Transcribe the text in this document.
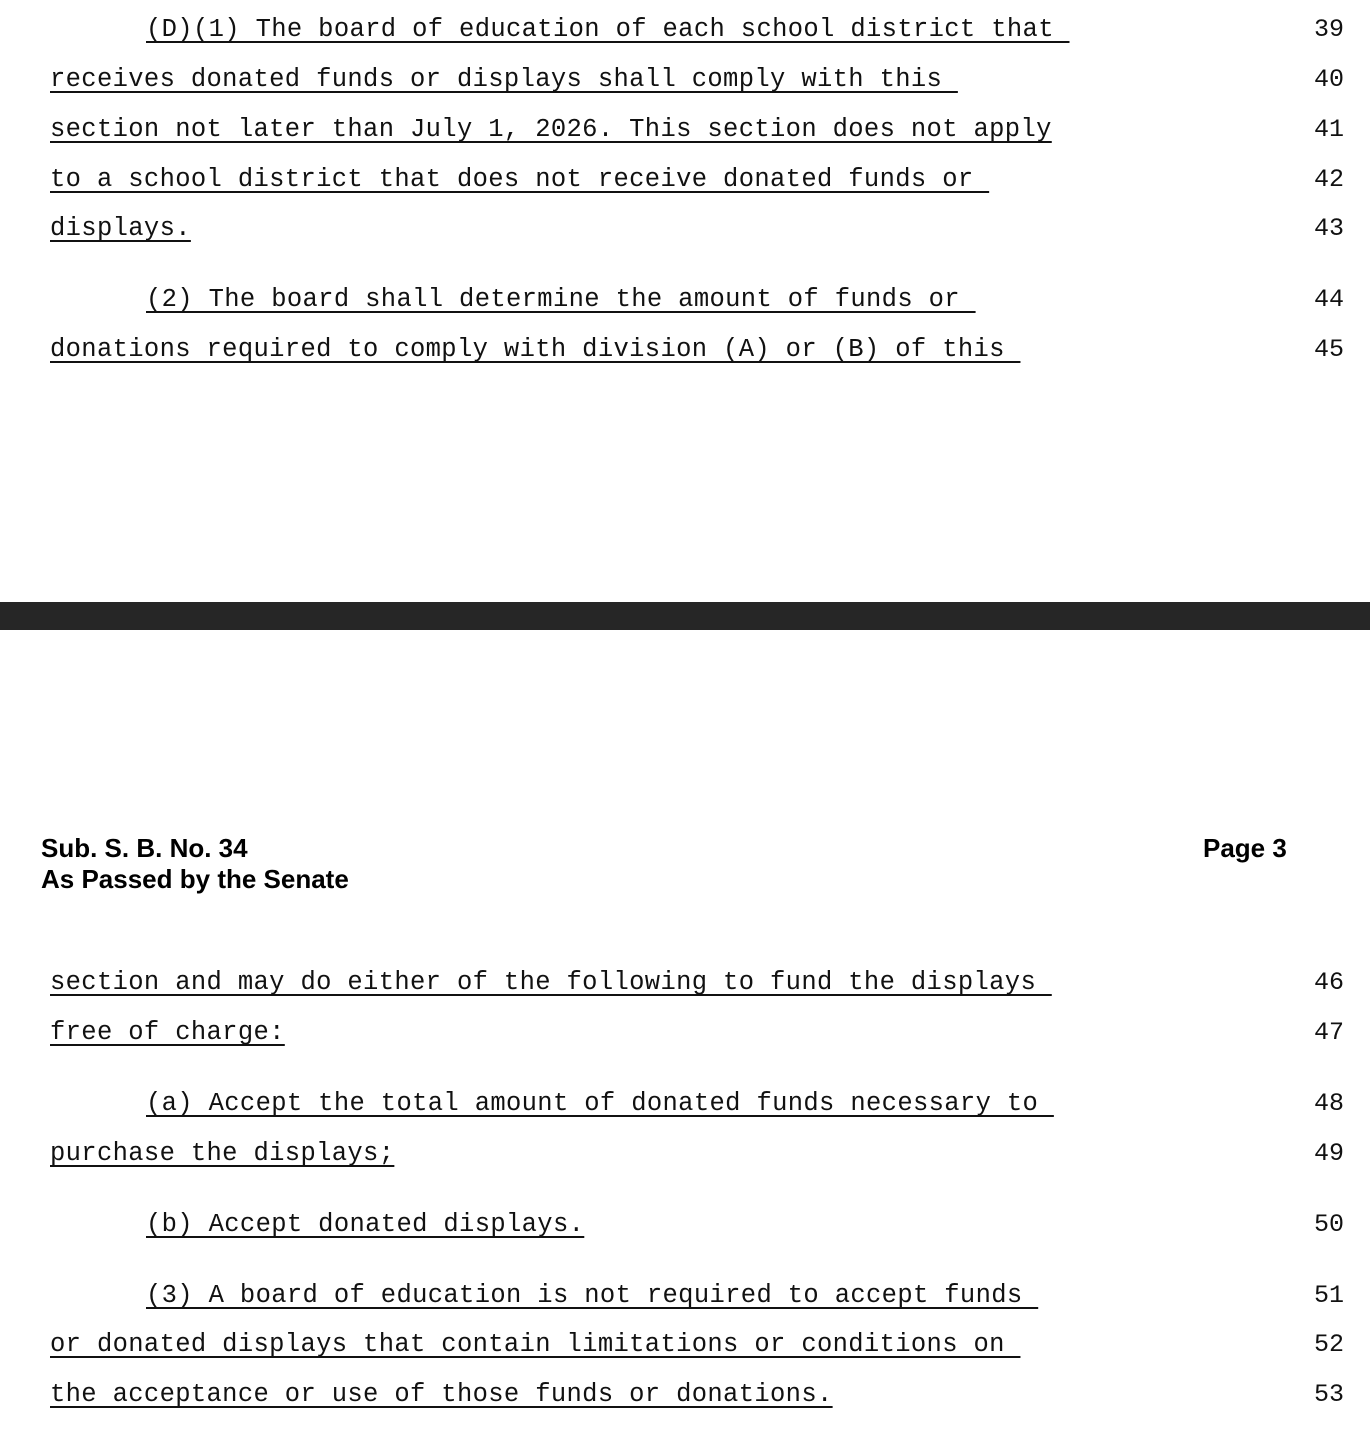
(D)(1) The board of education of each school district that	39
receives donated funds or displays shall comply with this	40
section not later than July 1, 2026. This section does not apply	41
to a school district that does not receive donated funds or	42
displays.	43
(2) The board shall determine the amount of funds or	44
donations required to comply with division (A) or (B) of this	45
Sub. S. B. No. 34
As Passed by the Senate
Page 3
section and may do either of the following to fund the displays	46
free of charge:	47
(a) Accept the total amount of donated funds necessary to	48
purchase the displays;	49
(b) Accept donated displays.	50
(3) A board of education is not required to accept funds	51
or donated displays that contain limitations or conditions on	52
the acceptance or use of those funds or donations.	53
